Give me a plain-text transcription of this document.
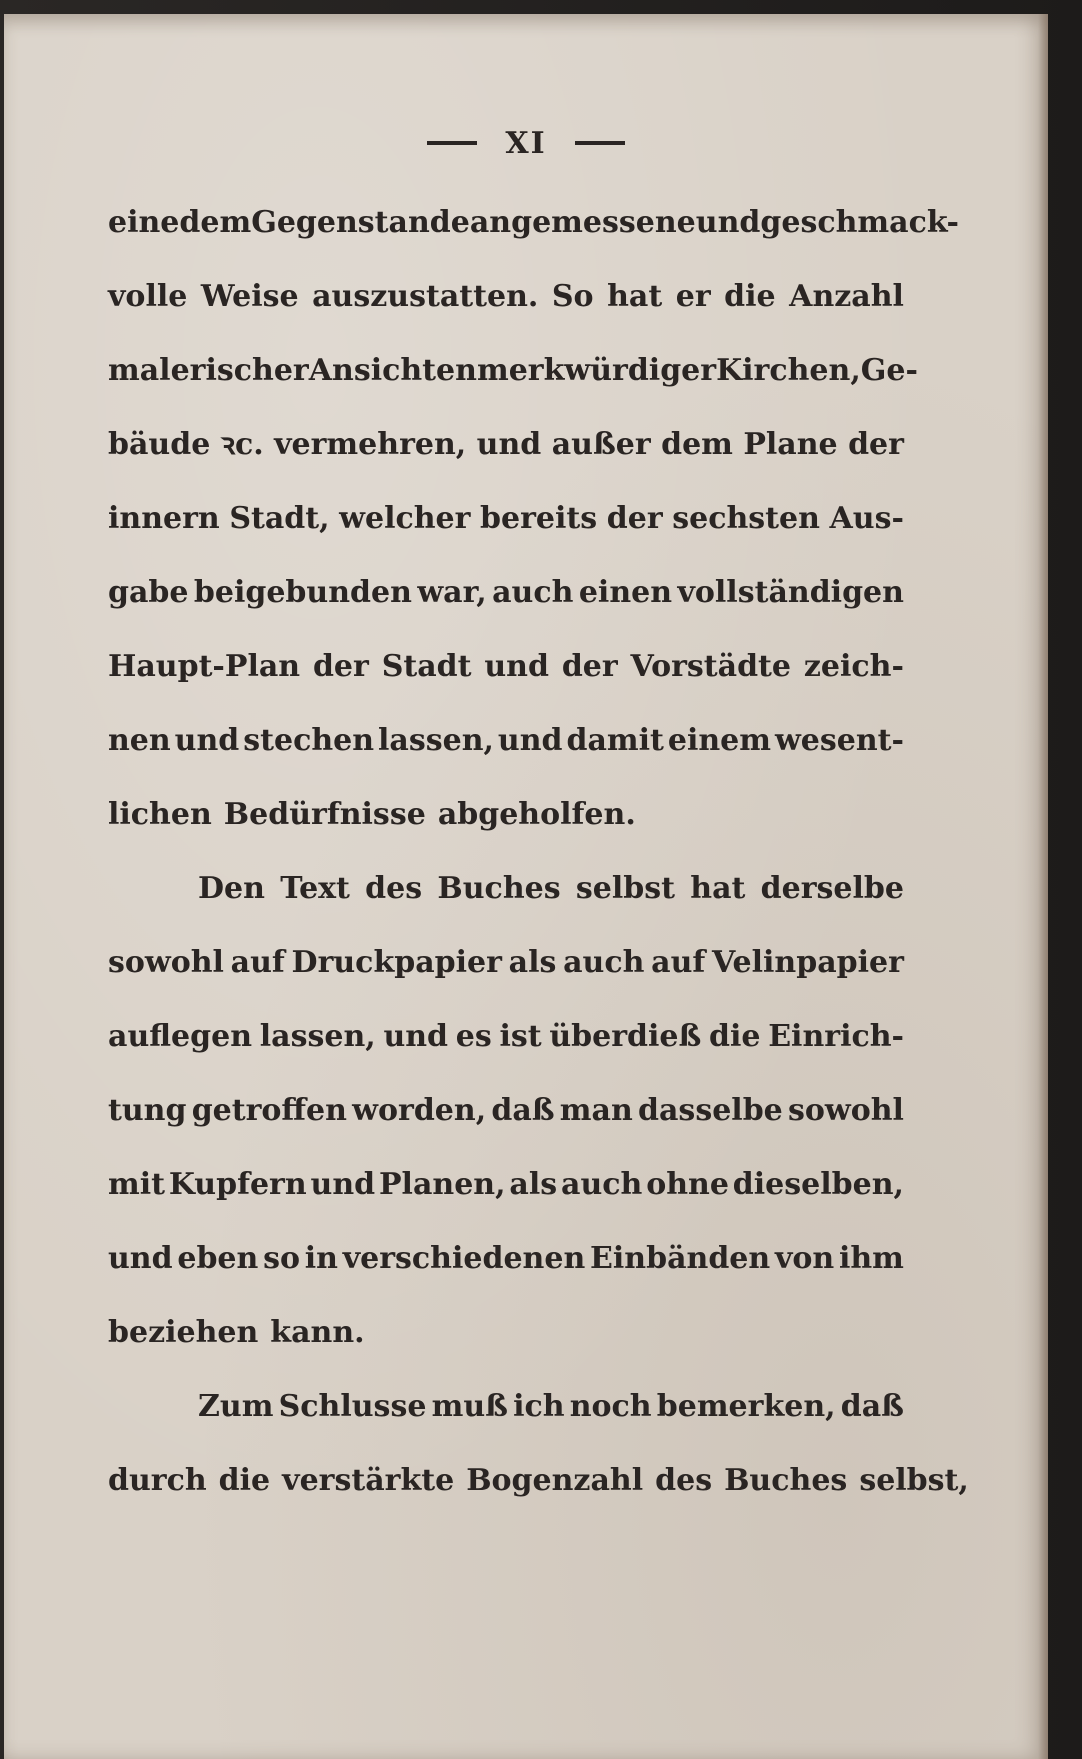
XI
eine dem Gegenstande angemessene und geschmack-
volle Weise auszustatten. So hat er die Anzahl
malerischer Ansichten merkwürdiger Kirchen, Ge-
bäude ꝛc. vermehren, und außer dem Plane der
innern Stadt, welcher bereits der sechsten Aus-
gabe beigebunden war, auch einen vollständigen
Haupt-Plan der Stadt und der Vorstädte zeich-
nen und stechen lassen, und damit einem wesent-
lichen Bedürfnisse abgeholfen.
Den Text des Buches selbst hat derselbe
sowohl auf Druckpapier als auch auf Velinpapier
auflegen lassen, und es ist überdieß die Einrich-
tung getroffen worden, daß man dasselbe sowohl
mit Kupfern und Planen, als auch ohne dieselben,
und eben so in verschiedenen Einbänden von ihm
beziehen kann.
Zum Schlusse muß ich noch bemerken, daß
durch die verstärkte Bogenzahl des Buches selbst,
